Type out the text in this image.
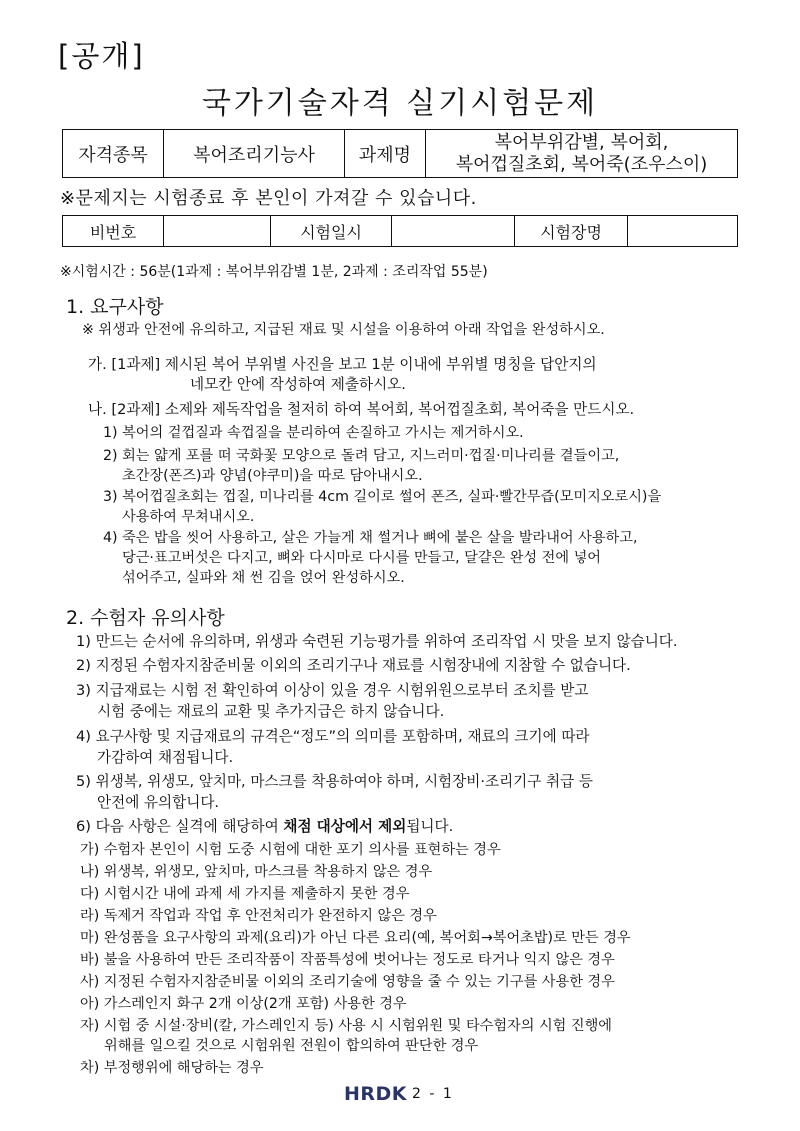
[공개]
국가기술자격 실기시험문제
자격종목	복어조리기능사	과제명	
복어부위감별, 복어회,
복어껍질초회, 복어죽(조우스이)
※문제지는 시험종료 후 본인이 가져갈 수 있습니다.
비번호		시험일시		시험장명	
※시험시간 : 56분(1과제 : 복어부위감별 1분, 2과제 : 조리작업 55분)
1. 요구사항
※ 위생과 안전에 유의하고, 지급된 재료 및 시설을 이용하여 아래 작업을 완성하시오.
가. [1과제] 제시된 복어 부위별 사진을 보고 1분 이내에 부위별 명칭을 답안지의
네모칸 안에 작성하여 제출하시오.
나. [2과제] 소제와 제독작업을 철저히 하여 복어회, 복어껍질초회, 복어죽을 만드시오.
1) 복어의 겉껍질과 속껍질을 분리하여 손질하고 가시는 제거하시오.
2) 회는 얇게 포를 떠 국화꽃 모양으로 돌려 담고, 지느러미·껍질·미나리를 곁들이고,
초간장(폰즈)과 양념(야쿠미)을 따로 담아내시오.
3) 복어껍질초회는 껍질, 미나리를 4cm 길이로 썰어 폰즈, 실파·빨간무즙(모미지오로시)을
사용하여 무쳐내시오.
4) 죽은 밥을 씻어 사용하고, 살은 가늘게 채 썰거나 뼈에 붙은 살을 발라내어 사용하고,
당근·표고버섯은 다지고, 뼈와 다시마로 다시를 만들고, 달걀은 완성 전에 넣어
섞어주고, 실파와 채 썬 김을 얹어 완성하시오.
2. 수험자 유의사항
1) 만드는 순서에 유의하며, 위생과 숙련된 기능평가를 위하여 조리작업 시 맛을 보지 않습니다.
2) 지정된 수험자지참준비물 이외의 조리기구나 재료를 시험장내에 지참할 수 없습니다.
3) 지급재료는 시험 전 확인하여 이상이 있을 경우 시험위원으로부터 조치를 받고
시험 중에는 재료의 교환 및 추가지급은 하지 않습니다.
4) 요구사항 및 지급재료의 규격은“정도”의 의미를 포함하며, 재료의 크기에 따라
가감하여 채점됩니다.
5) 위생복, 위생모, 앞치마, 마스크를 착용하여야 하며, 시험장비·조리기구 취급 등
안전에 유의합니다.
6) 다음 사항은 실격에 해당하여 채점 대상에서 제외됩니다.
가) 수험자 본인이 시험 도중 시험에 대한 포기 의사를 표현하는 경우
나) 위생복, 위생모, 앞치마, 마스크를 착용하지 않은 경우
다) 시험시간 내에 과제 세 가지를 제출하지 못한 경우
라) 독제거 작업과 작업 후 안전처리가 완전하지 않은 경우
마) 완성품을 요구사항의 과제(요리)가 아닌 다른 요리(예, 복어회→복어초밥)로 만든 경우
바) 불을 사용하여 만든 조리작품이 작품특성에 벗어나는 정도로 타거나 익지 않은 경우
사) 지정된 수험자지참준비물 이외의 조리기술에 영향을 줄 수 있는 기구를 사용한 경우
아) 가스레인지 화구 2개 이상(2개 포함) 사용한 경우
자) 시험 중 시설·장비(칼, 가스레인지 등) 사용 시 시험위원 및 타수험자의 시험 진행에
위해를 일으킬 것으로 시험위원 전원이 합의하여 판단한 경우
차) 부정행위에 해당하는 경우
HRDK 2 - 1
